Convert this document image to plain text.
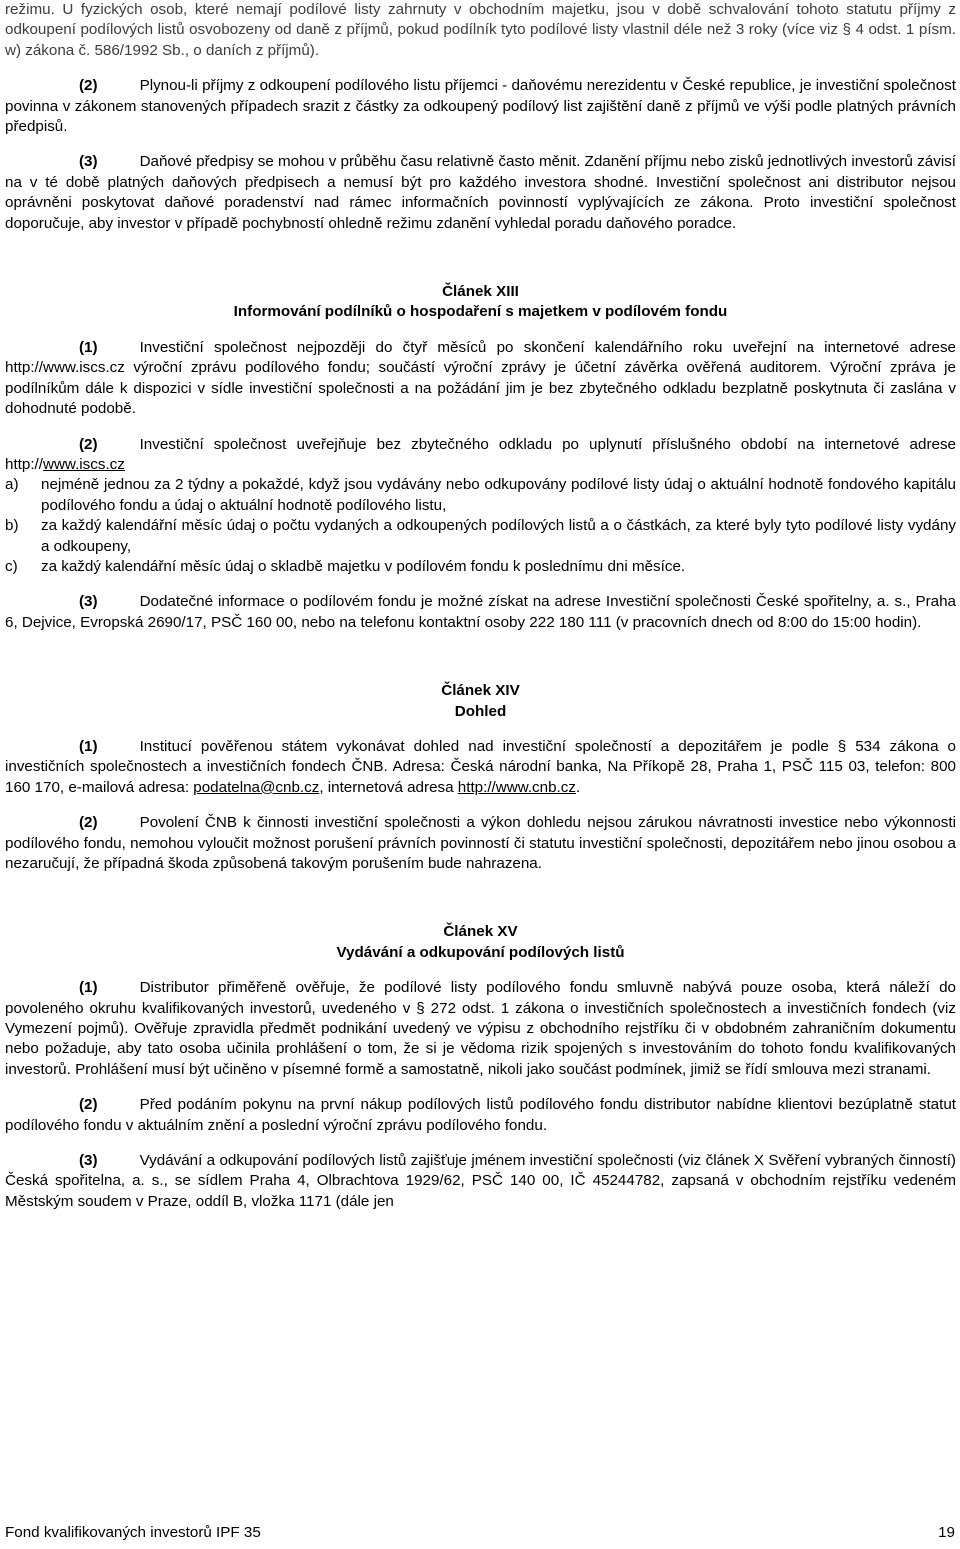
režimu. U fyzických osob, které nemají podílové listy zahrnuty v obchodním majetku, jsou v době schvalování tohoto statutu příjmy z odkoupení podílových listů osvobozeny od daně z příjmů, pokud podílník tyto podílové listy vlastnil déle než 3 roky (více viz § 4 odst. 1 písm. w) zákona č. 586/1992 Sb., o daních z příjmů).

(2)	Plynou-li příjmy z odkoupení podílového listu příjemci - daňovému nerezidentu v České republice, je investiční společnost povinna v zákonem stanovených případech srazit z částky za odkoupený podílový list zajištění daně z příjmů ve výši podle platných právních předpisů.

(3)	Daňové předpisy se mohou v průběhu času relativně často měnit. Zdanění příjmu nebo zisků jednotlivých investorů závisí na v té době platných daňových předpisech a nemusí být pro každého investora shodné. Investiční společnost ani distributor nejsou oprávněni poskytovat daňové poradenství nad rámec informačních povinností vyplývajících ze zákona. Proto investiční společnost doporučuje, aby investor v případě pochybností ohledně režimu zdanění vyhledal poradu daňového poradce.

Článek XIII

Informování podílníků o hospodaření s majetkem v podílovém fondu

(1)	Investiční společnost nejpozději do čtyř měsíců po skončení kalendářního roku uveřejní na internetové adrese http://www.iscs.cz výroční zprávu podílového fondu; součástí výroční zprávy je účetní závěrka ověřená auditorem. Výroční zpráva je podílníkům dále k dispozici v sídle investiční společnosti a na požádání jim je bez zbytečného odkladu bezplatně poskytnuta či zaslána v dohodnuté podobě.

(2)	Investiční společnost uveřejňuje bez zbytečného odkladu po uplynutí příslušného období na internetové adrese http://www.iscs.cz

a) nejméně jednou za 2 týdny a pokaždé, když jsou vydávány nebo odkupovány podílové listy údaj o aktuální hodnotě fondového kapitálu podílového fondu a údaj o aktuální hodnotě podílového listu,
b) za každý kalendářní měsíc údaj o počtu vydaných a odkoupených podílových listů a o částkách, za které byly tyto podílové listy vydány a odkoupeny,
c) za každý kalendářní měsíc údaj o skladbě majetku v podílovém fondu k poslednímu dni měsíce.

(3)	Dodatečné informace o podílovém fondu je možné získat na adrese Investiční společnosti České spořitelny, a. s., Praha 6, Dejvice, Evropská 2690/17, PSČ 160 00, nebo na telefonu kontaktní osoby 222 180 111 (v pracovních dnech od 8:00 do 15:00 hodin).

Článek XIV

Dohled

(1)	Institucí pověřenou státem vykonávat dohled nad investiční společností a depozitářem je podle § 534 zákona o investičních společnostech a investičních fondech ČNB. Adresa: Česká národní banka, Na Příkopě 28, Praha 1, PSČ 115 03, telefon: 800 160 170, e-mailová adresa: podatelna@cnb.cz, internetová adresa http://www.cnb.cz.

(2)	Povolení ČNB k činnosti investiční společnosti a výkon dohledu nejsou zárukou návratnosti investice nebo výkonnosti podílového fondu, nemohou vyloučit možnost porušení právních povinností či statutu investiční společnosti, depozitářem nebo jinou osobou a nezaručují, že případná škoda způsobená takovým porušením bude nahrazena.

Článek XV

Vydávání a odkupování podílových listů

(1)	Distributor přiměřeně ověřuje, že podílové listy podílového fondu smluvně nabývá pouze osoba, která náleží do povoleného okruhu kvalifikovaných investorů, uvedeného v § 272 odst. 1 zákona o investičních společnostech a investičních fondech (viz Vymezení pojmů). Ověřuje zpravidla předmět podnikání uvedený ve výpisu z obchodního rejstříku či v obdobném zahraničním dokumentu nebo požaduje, aby tato osoba učinila prohlášení o tom, že si je vědoma rizik spojených s investováním do tohoto fondu kvalifikovaných investorů. Prohlášení musí být učiněno v písemné formě a samostatně, nikoli jako součást podmínek, jimiž se řídí smlouva mezi stranami.

(2)	Před podáním pokynu na první nákup podílových listů podílového fondu distributor nabídne klientovi bezúplatně statut podílového fondu v aktuálním znění a poslední výroční zprávu podílového fondu.

(3)	Vydávání a odkupování podílových listů zajišťuje jménem investiční společnosti (viz článek X Svěření vybraných činností) Česká spořitelna, a. s., se sídlem Praha 4, Olbrachtova 1929/62, PSČ 140 00, IČ 45244782, zapsaná v obchodním rejstříku vedeném Městským soudem v Praze, oddíl B, vložka 1171 (dále jen

Fond kvalifikovaných investorů IPF 35	19
